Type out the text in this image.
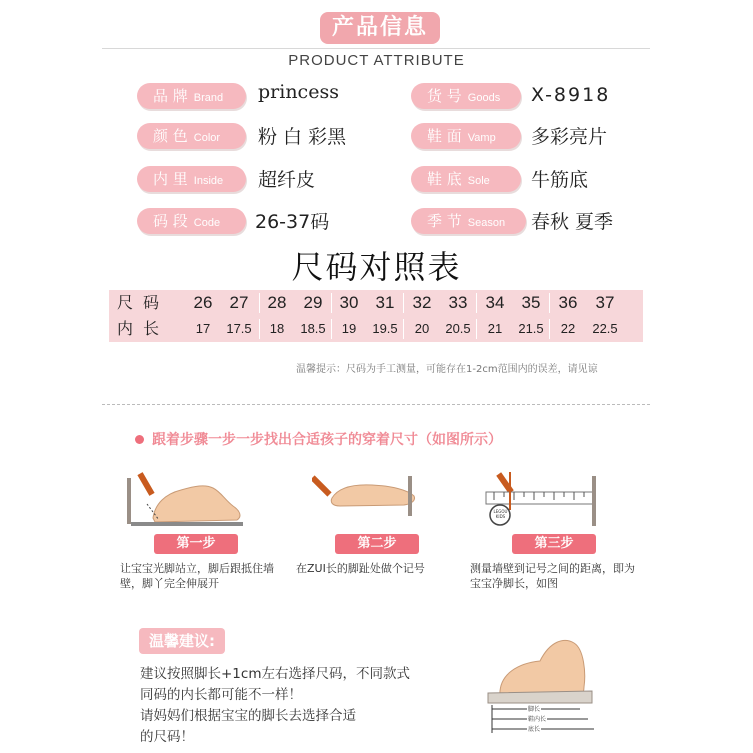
产品信息
PRODUCT ATTRIBUTE
品 牌 Brand	princess	货 号 Goods	X-8918
颜 色 Color	粉 白 彩黑	鞋 面 Vamp	多彩亮片
内 里 Inside	超纤皮	鞋 底 Sole	牛筋底
码 段 Code	26-37码	季 节 Season	春秋 夏季
尺码对照表
尺码	26	27	28	29	30	31	32	33	34	35	36	37
内长	17	17.5	18	18.5	19	19.5	20	20.5	21	21.5	22	22.5
温馨提示：尺码为手工测量，可能存在1-2cm范围内的误差，请见谅
跟着步骤一步一步找出合适孩子的穿着尺寸（如图所示）
第一步
让宝宝光脚站立，脚后跟抵住墙壁，脚丫完全伸展开
第二步
在ZUI长的脚趾处做个记号
LEGOU KIDS
第三步
测量墙壁到记号之间的距离，即为宝宝净脚长，如图
温馨建议:
建议按照脚长+1cm左右选择尺码，不同款式
同码的内长都可能不一样！
请妈妈们根据宝宝的脚长去选择合适
的尺码！
脚长
鞋内长
底长
